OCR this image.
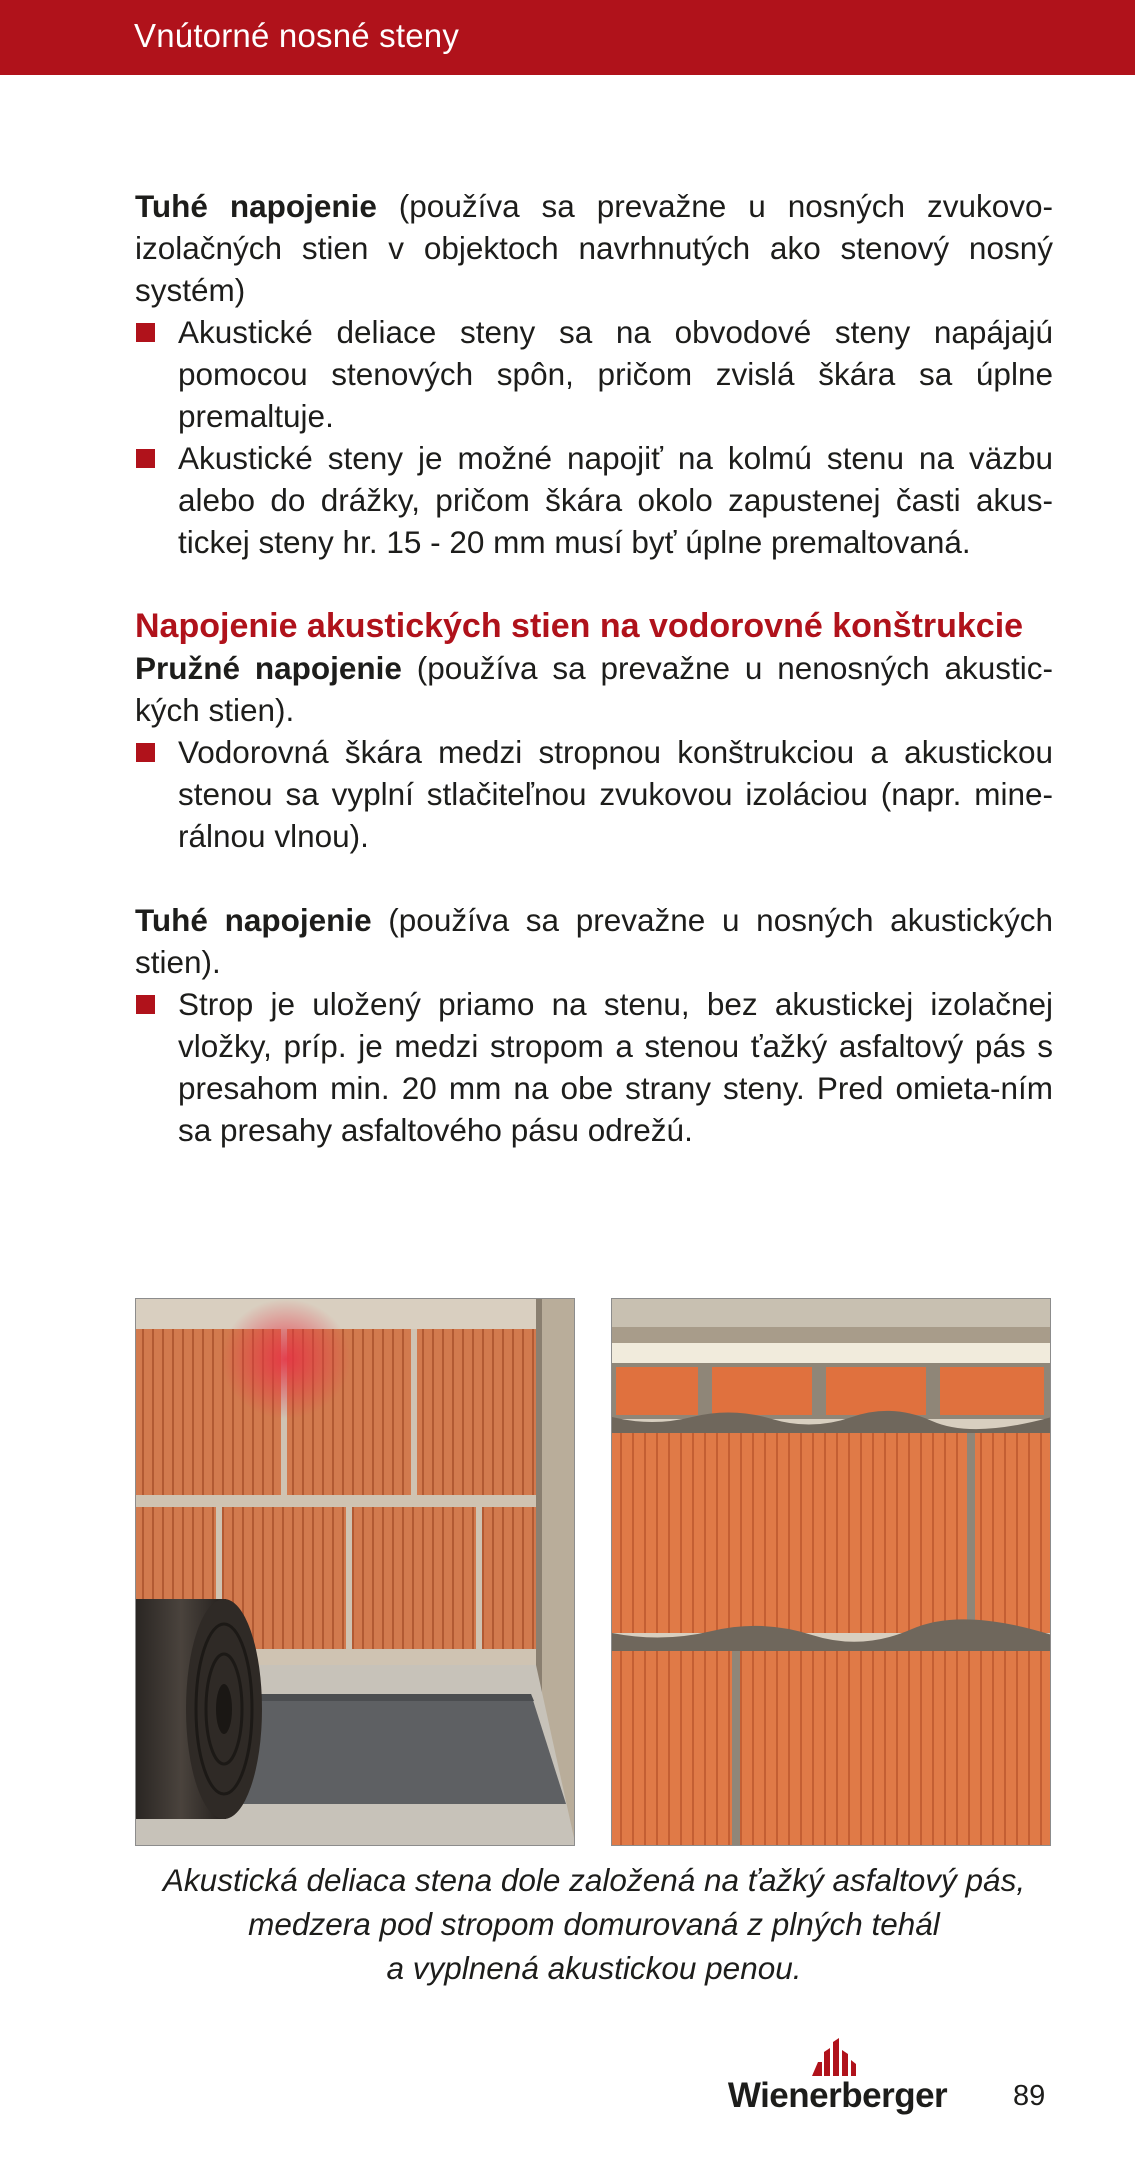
Vnútorné nosné steny

Tuhé napojenie (používa sa prevažne u nosných zvukovo-izolačných stien v objektoch navrhnutých ako stenový nosný systém)

Akustické deliace steny sa na obvodové steny napájajú pomocou stenových spôn, pričom zvislá škára sa úplne premaltuje.
Akustické steny je možné napojiť na kolmú stenu na väzbu alebo do drážky, pričom škára okolo zapustenej časti akus-tickej steny hr. 15 - 20 mm musí byť úplne premaltovaná.
Napojenie akustických stien na vodorovné konštrukcie

Pružné napojenie (používa sa prevažne u nenosných akustic-kých stien).

Vodorovná škára medzi stropnou konštrukciou a akustickou stenou sa vyplní stlačiteľnou zvukovou izoláciou (napr. mine-rálnou vlnou).

Tuhé napojenie (používa sa prevažne u nosných akustických stien).

Strop je uložený priamo na stenu, bez akustickej izolačnej vložky, príp. je medzi stropom a stenou ťažký asfaltový pás s presahom min. 20 mm na obe strany steny. Pred omieta-ním sa presahy asfaltového pásu odrežú.
Akustická deliaca stena dole založená na ťažký asfaltový pás,
medzera pod stropom domurovaná z plných tehál
a vyplnená akustickou penou.
Wienerberger	89
